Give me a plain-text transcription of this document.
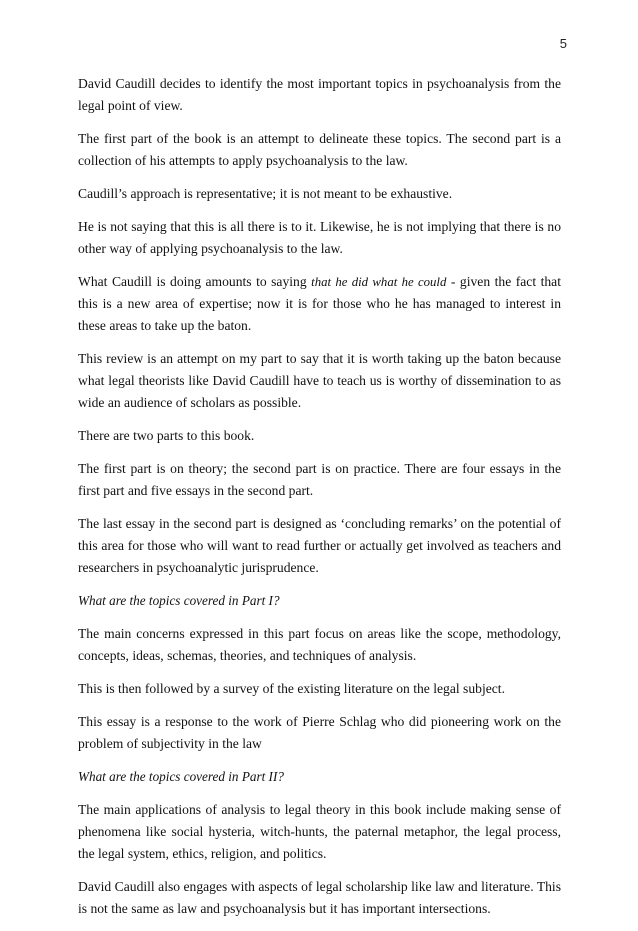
5

David Caudill decides to identify the most important topics in psychoanalysis from the legal point of view.

The first part of the book is an attempt to delineate these topics. The second part is a collection of his attempts to apply psychoanalysis to the law.

Caudill’s approach is representative; it is not meant to be exhaustive.

He is not saying that this is all there is to it. Likewise, he is not implying that there is no other way of applying psychoanalysis to the law.

What Caudill is doing amounts to saying that he did what he could - given the fact that this is a new area of expertise; now it is for those who he has managed to interest in these areas to take up the baton.

This review is an attempt on my part to say that it is worth taking up the baton because what legal theorists like David Caudill have to teach us is worthy of dissemination to as wide an audience of scholars as possible.

There are two parts to this book.

The first part is on theory; the second part is on practice. There are four essays in the first part and five essays in the second part.

The last essay in the second part is designed as ‘concluding remarks’ on the potential of this area for those who will want to read further or actually get involved as teachers and researchers in psychoanalytic jurisprudence.

What are the topics covered in Part I?

The main concerns expressed in this part focus on areas like the scope, methodology, concepts, ideas, schemas, theories, and techniques of analysis.

This is then followed by a survey of the existing literature on the legal subject.

This essay is a response to the work of Pierre Schlag who did pioneering work on the problem of subjectivity in the law

What are the topics covered in Part II?

The main applications of analysis to legal theory in this book include making sense of phenomena like social hysteria, witch-hunts, the paternal metaphor, the legal process, the legal system, ethics, religion, and politics.

David Caudill also engages with aspects of legal scholarship like law and literature. This is not the same as law and psychoanalysis but it has important intersections.
